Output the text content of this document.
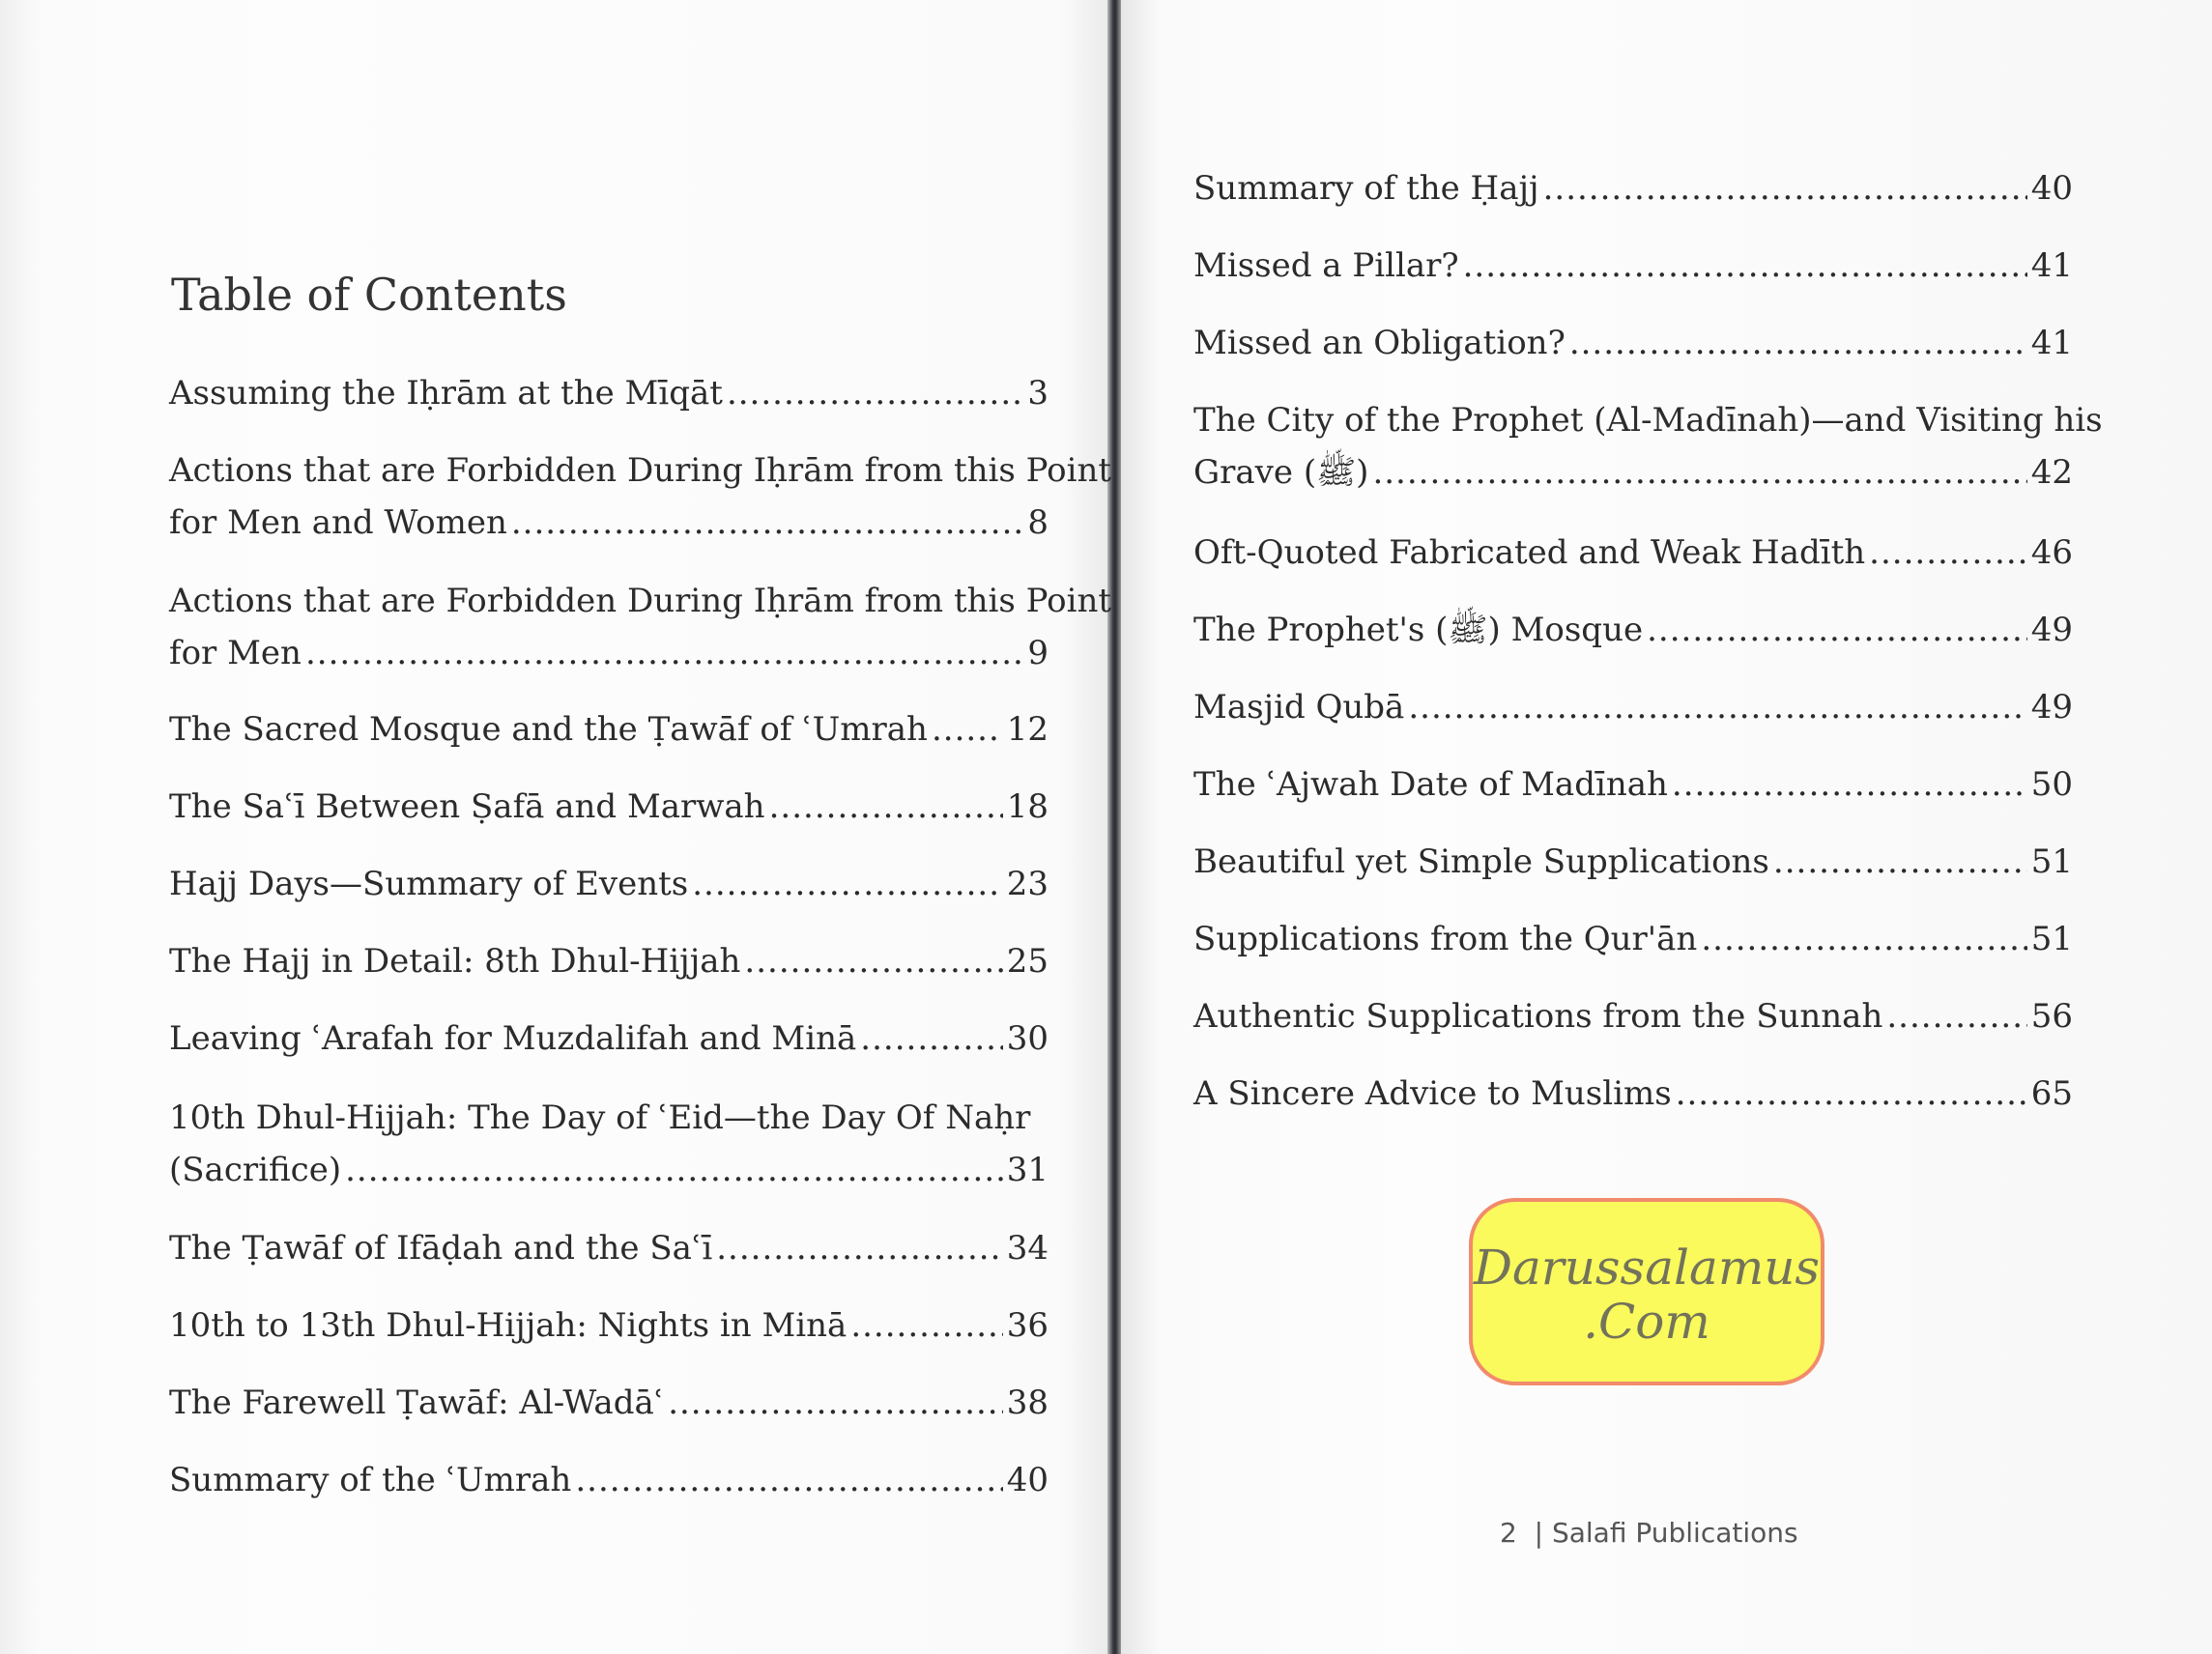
Table of Contents
Assuming the Iḥrām at the Mīqāt .....	3
Actions that are Forbidden During Iḥrām from this Point
for Men and Women .....	8
Actions that are Forbidden During Iḥrām from this Point
for Men .....	9
The Sacred Mosque and the Ṭawāf of ʿUmrah ..... 12
The Saʿī Between Ṣafā and Marwah .....	18
Hajj Days—Summary of Events .....	23
The Hajj in Detail: 8th Dhul-Hijjah .....	25
Leaving ʿArafah for Muzdalifah and Minā .....	30
10th Dhul-Hijjah: The Day of ʿEid—the Day Of Naḥr
(Sacrifice) .....	31
The Ṭawāf of Ifāḍah and the Saʿī .....	34
10th to 13th Dhul-Hijjah: Nights in Minā .....	36
The Farewell Ṭawāf: Al-Wadāʿ .....	38
Summary of the ʿUmrah .....	40
Summary of the Ḥajj .....	40
Missed a Pillar? .....	41
Missed an Obligation? .....	41
The City of the Prophet (Al-Madīnah)—and Visiting his
Grave (ﷺ) .....	42
Oft-Quoted Fabricated and Weak Hadīth .....	46
The Prophet's (ﷺ) Mosque .....	49
Masjid Qubā .....	49
The ʿAjwah Date of Madīnah .....	50
Beautiful yet Simple Supplications .....	51
Supplications from the Qur'ān .....	51
Authentic Supplications from the Sunnah .....	56
A Sincere Advice to Muslims .....	65
2  | Salafi Publications
Darussalamus
.Com
